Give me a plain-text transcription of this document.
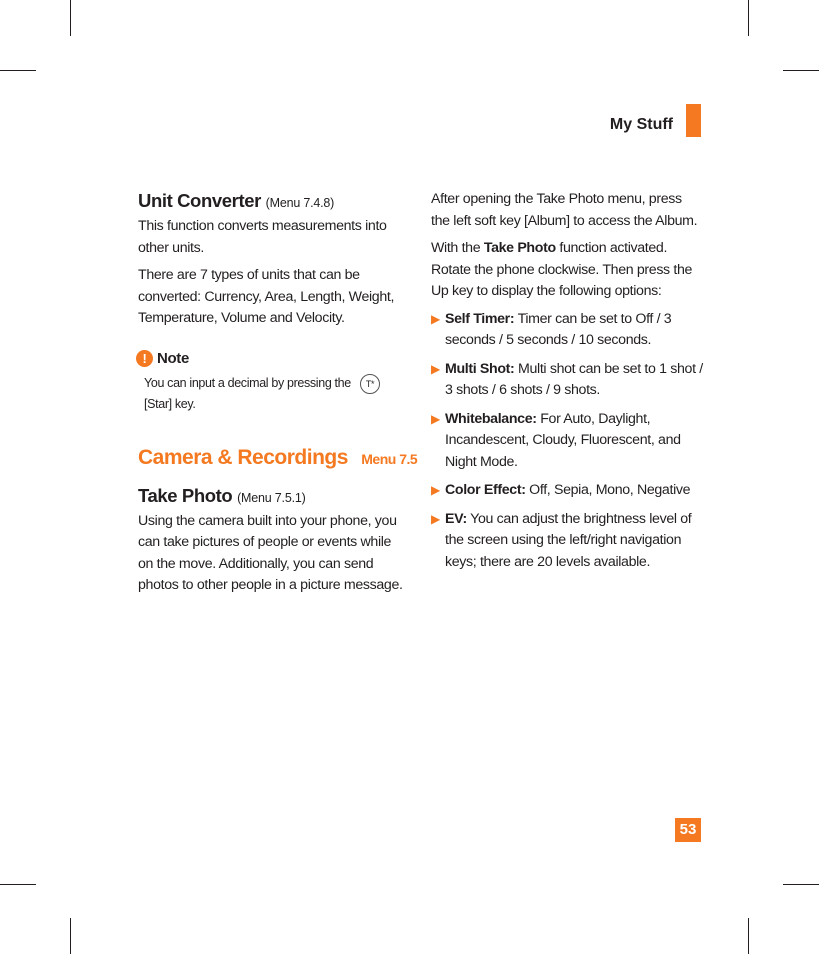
My Stuff
Unit Converter (Menu 7.4.8)

This function converts measurements into other units.

There are 7 types of units that can be converted: Currency, Area, Length, Weight, Temperature, Volume and Velocity.

! Note
You can input a decimal by pressing the T*
[Star] key.
Camera & Recordings Menu 7.5
Take Photo (Menu 7.5.1)

Using the camera built into your phone, you can take pictures of people or events while on the move. Additionally, you can send photos to other people in a picture message.

After opening the Take Photo menu, press the left soft key [Album] to access the Album.

With the Take Photo function activated. Rotate the phone clockwise. Then press the Up key to display the following options:

▶ Self Timer: Timer can be set to Off / 3 seconds / 5 seconds / 10 seconds.
▶ Multi Shot: Multi shot can be set to 1 shot / 3 shots / 6 shots / 9 shots.
▶ Whitebalance: For Auto, Daylight, Incandescent, Cloudy, Fluorescent, and Night Mode.
▶ Color Effect: Off, Sepia, Mono, Negative
▶ EV: You can adjust the brightness level of the screen using the left/right navigation keys; there are 20 levels available.
53
